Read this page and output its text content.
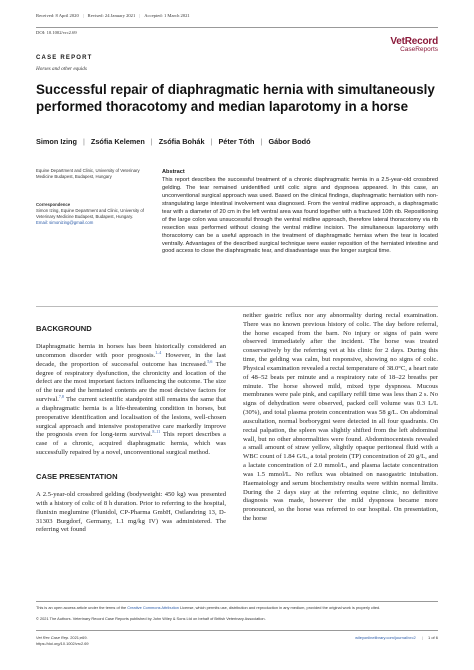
Received: 8 April 2020 | Revised: 24 January 2021 | Accepted: 1 March 2021
DOI: 10.1002/vrc2.69
VetRecord
CaseReports
CASE REPORT
Horses and other equids
Successful repair of diaphragmatic hernia with simultaneously performed thoracotomy and median laparotomy in a horse
Simon Izing | Zsófia Kelemen | Zsófia Bohák | Péter Tóth | Gábor Bodó
Equine Department and Clinic, University of Veterinary Medicine Budapest, Budapest, Hungary
Correspondence
Simon Izing, Equine Department and Clinic, University of Veterinary Medicine Budapest, Budapest, Hungary.
Email: simonizing@gmail.com
Abstract
This report describes the successful treatment of a chronic diaphragmatic hernia in a 2.5-year-old crossbred gelding. The tear remained unidentified until colic signs and dyspnoea appeared. In this case, an unconventional surgical approach was used. Based on the clinical findings, diaphragmatic herniation with non-strangulating large intestinal involvement was diagnosed. From the ventral midline approach, a diaphragmatic tear with a diameter of 20 cm in the left ventral area was found together with a fractured 10th rib. Repositioning of the large colon was unsuccessful through the ventral midline approach, therefore lateral thoracotomy via rib resection was performed without closing the ventral midline incision. The simultaneous laparotomy with thoracotomy can be a useful approach in the treatment of diaphragmatic hernias when the tear is located ventrally. Advantages of the described surgical technique were easier reposition of the herniated intestine and good access to close the diaphragmatic tear, and disadvantage was the longer surgical time.
BACKGROUND

Diaphragmatic hernia in horses has been historically considered an uncommon disorder with poor prognosis.$^{1-4}$ However, in the last decade, the proportion of successful outcome has increased.$^{5,6}$ The degree of respiratory dysfunction, the chronicity and location of the defect are the most important factors influencing the outcome. The size of the tear and the herniated contents are the most decisive factors for survival.$^{7,8}$ The current scientific standpoint still remains the same that a diaphragmatic hernia is a life-threatening condition in horses, but preoperative identification and localisation of the lesions, well-chosen surgical approach and intensive postoperative care markedly improve the prognosis even for long-term survival.$^{8-11}$ This report describes a case of a chronic, acquired diaphragmatic hernia, which was successfully repaired by a novel, unconventional surgical method.

CASE PRESENTATION

A 2.5-year-old crossbred gelding (bodyweight: 450 kg) was presented with a history of colic of 8 h duration. Prior to referring to the hospital, flunixin meglumine (Flunidol, CP-Pharma GmbH, Ostlandring 13, D-31303 Burgdorf, Germany, 1.1 mg/kg IV) was administered. The referring vet found

neither gastric reflux nor any abnormality during rectal examination. There was no known previous history of colic. The day before referral, the horse escaped from the barn. No injury or signs of pain were observed immediately after the incident. The horse was treated conservatively by the referring vet at his clinic for 2 days. During this time, the gelding was calm, but responsive, showing no signs of colic. Physical examination revealed a rectal temperature of 38.0°C, a heart rate of 48–52 beats per minute and a respiratory rate of 18–22 breaths per minute. The horse showed mild, mixed type dyspnoea. Mucous membranes were pale pink, and capillary refill time was less than 2 s. No signs of dehydration were observed, packed cell volume was 0.3 L/L (30%), and total plasma protein concentration was 58 g/L. On abdominal auscultation, normal borborygmi were detected in all four quadrants. On rectal palpation, the spleen was slightly shifted from the left abdominal wall, but no other abnormalities were found. Abdominocentesis revealed a small amount of straw yellow, slightly opaque peritoneal fluid with a WBC count of 1.84 G/L, a total protein (TP) concentration of 20 g/L, and a lactate concentration of 2.0 mmol/L, and plasma lactate concentration was 1.5 mmol/L. No reflux was obtained on nasogastric intubation. Haematology and serum biochemistry results were within normal limits. During the 2 days stay at the referring equine clinic, no definitive diagnosis was made, however the mild dyspnoea became more pronounced, so the horse was referred to our hospital. On presentation, the horse

This is an open access article under the terms of the Creative Commons Attribution License, which permits use, distribution and reproduction in any medium, provided the original work is properly cited.
© 2021 The Authors. Veterinary Record Case Reports published by John Wiley & Sons Ltd on behalf of British Veterinary Association.
Vet Rec Case Rep. 2021;e69.
https://doi.org/10.1002/vrc2.69
wileyonlinelibrary.com/journal/vrc2 | 1 of 6
